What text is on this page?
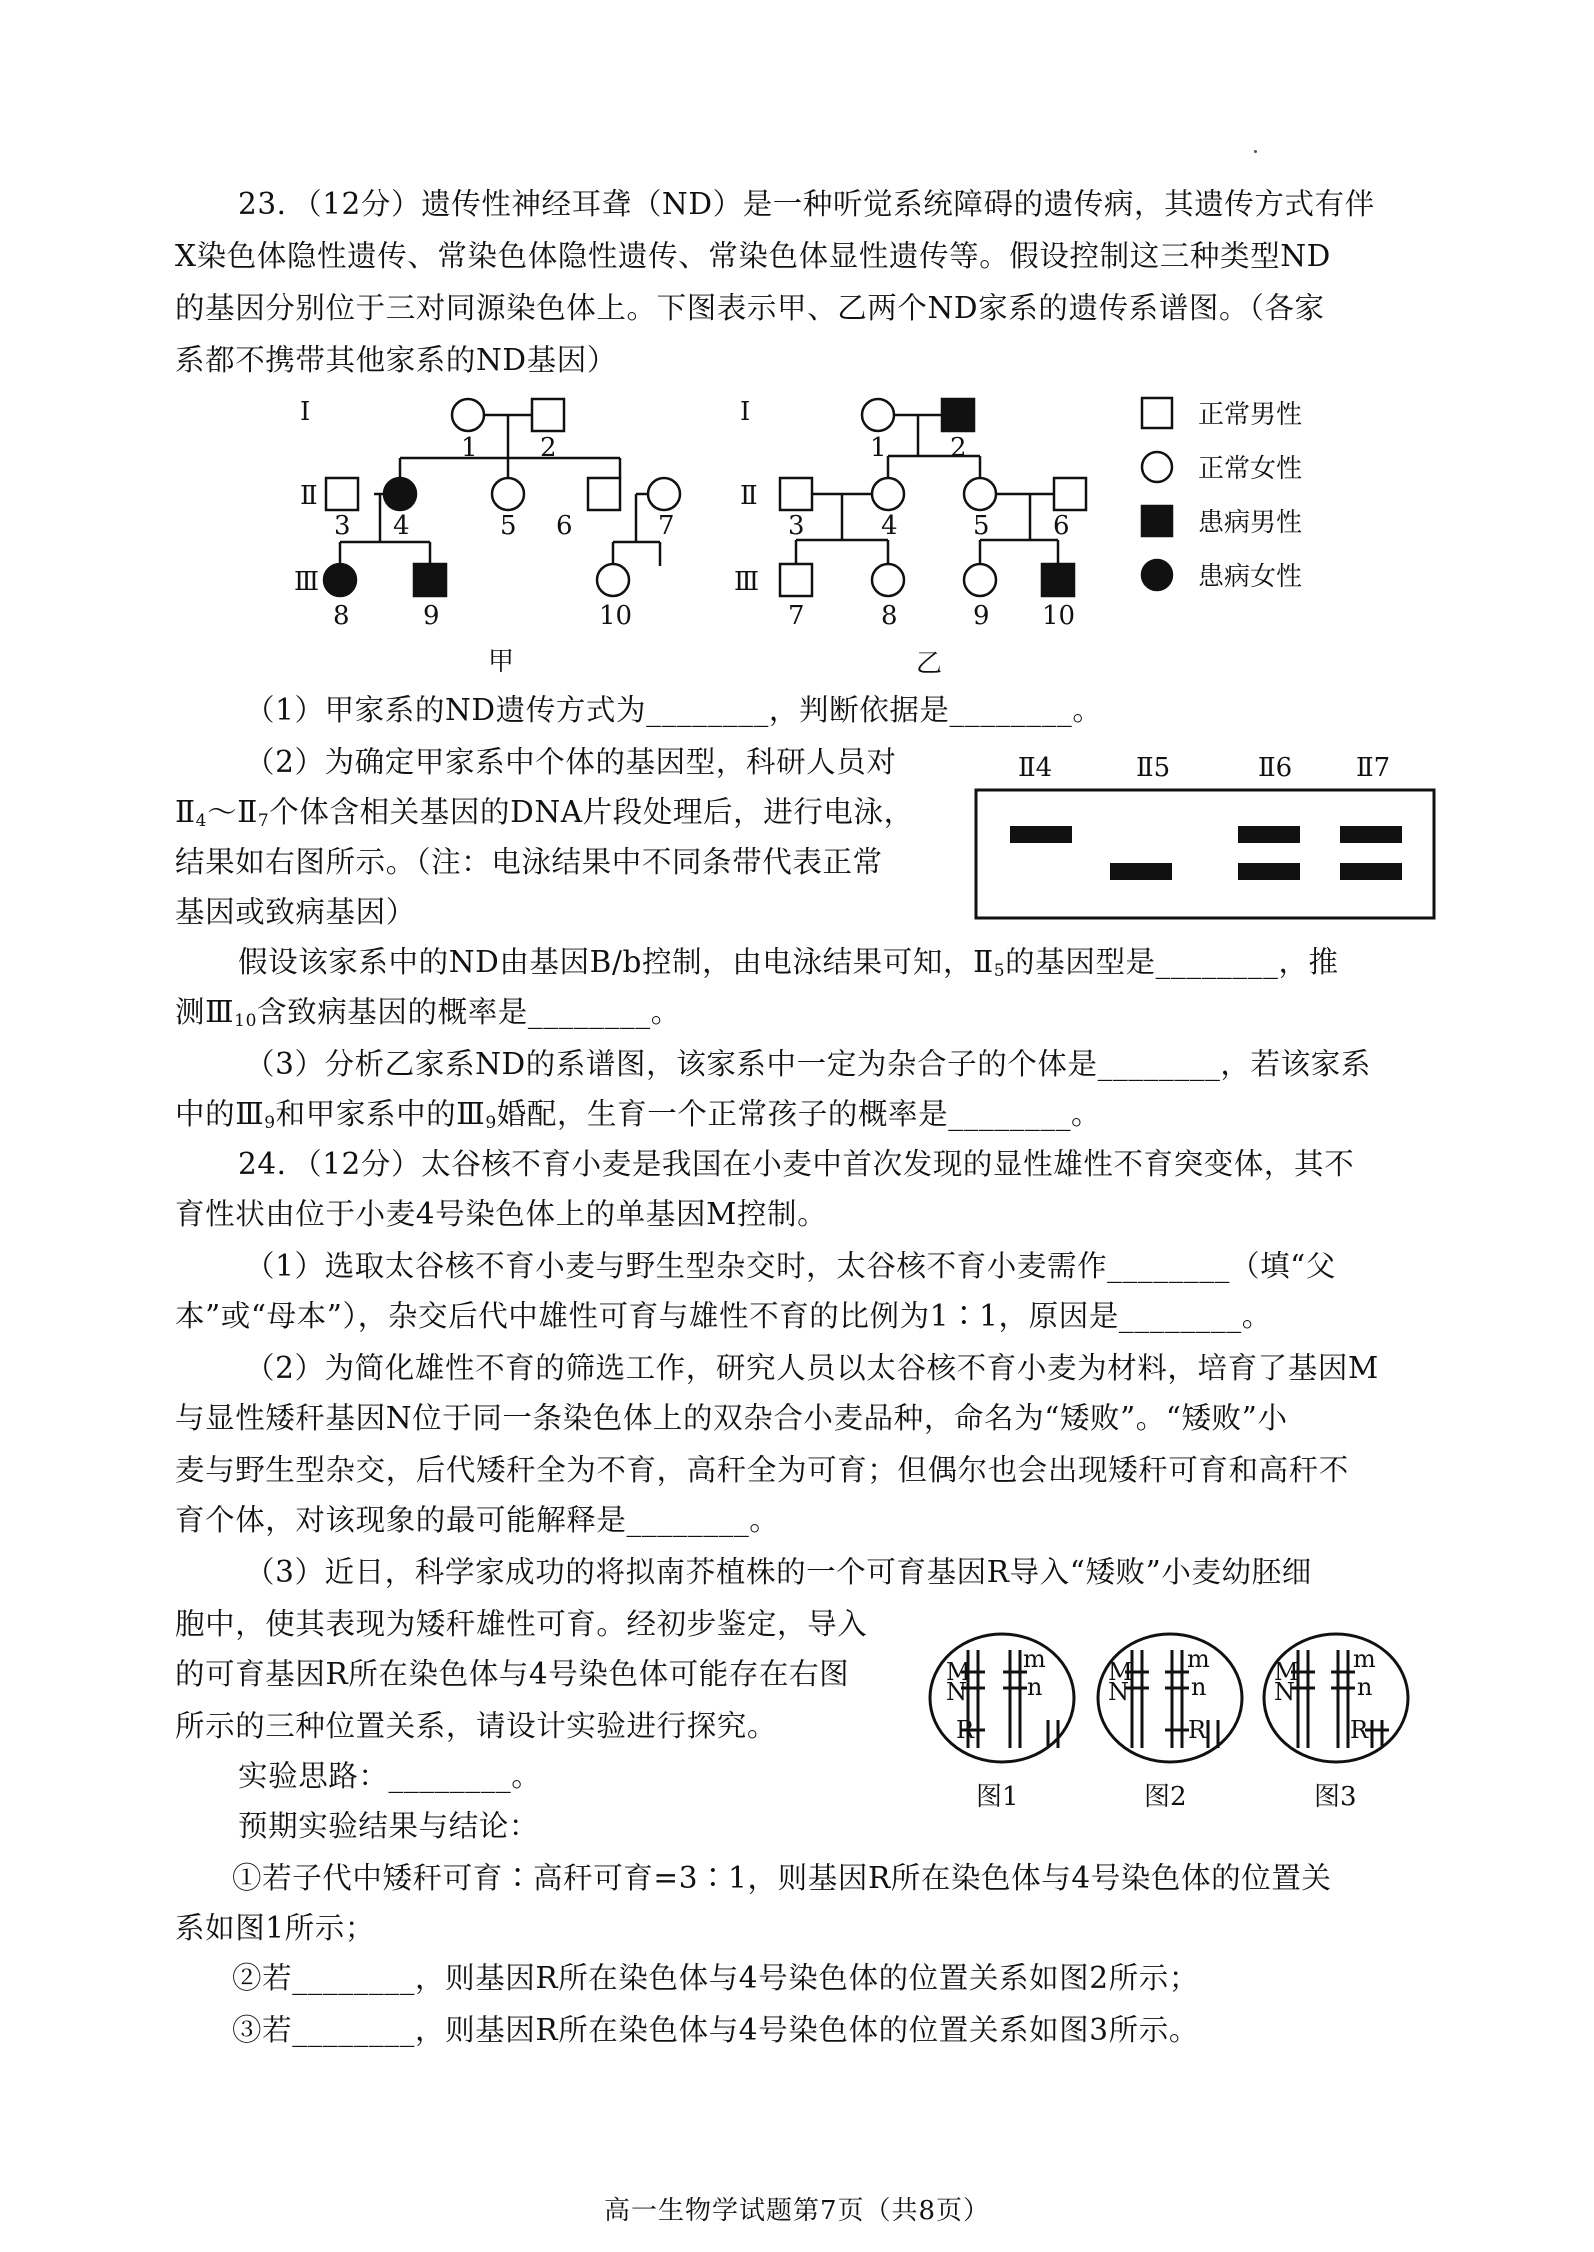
23．（12分）遗传性神经耳聋（ND）是一种听觉系统障碍的遗传病，其遗传方式有伴
X染色体隐性遗传、常染色体隐性遗传、常染色体显性遗传等。假设控制这三种类型ND
的基因分别位于三对同源染色体上。下图表示甲、乙两个ND家系的遗传系谱图。（各家
系都不携带其他家系的ND基因）
Ⅰ
Ⅱ
Ⅲ
1 2
3 4	5 6	7
8	9	10
甲
Ⅰ
Ⅱ
Ⅲ
1 2
3	4	5 6
7	8	9 10
乙
正常男性
正常女性
患病男性
患病女性
（1）甲家系的ND遗传方式为________，判断依据是________。
（2）为确定甲家系中个体的基因型，科研人员对
$Ⅱ_4\sim Ⅱ_7$个体含相关基因的DNA片段处理后，进行电泳，
结果如右图所示。（注：电泳结果中不同条带代表正常
基因或致病基因）
Ⅱ4	Ⅱ5	Ⅱ6 Ⅱ7
假设该家系中的ND由基因B/b控制，由电泳结果可知，$Ⅱ_5$的基因型是________，推
测$Ⅲ_{10}$含致病基因的概率是________。
（3）分析乙家系ND的系谱图，该家系中一定为杂合子的个体是________，若该家系
中的$Ⅲ_9$和甲家系中的$Ⅲ_9$婚配，生育一个正常孩子的概率是________。
24．（12分）太谷核不育小麦是我国在小麦中首次发现的显性雄性不育突变体，其不
育性状由位于小麦4号染色体上的单基因M控制。
（1）选取太谷核不育小麦与野生型杂交时，太谷核不育小麦需作________（填“父
本”或“母本”），杂交后代中雄性可育与雄性不育的比例为1∶1，原因是________。
（2）为简化雄性不育的筛选工作，研究人员以太谷核不育小麦为材料，培育了基因M
与显性矮秆基因N位于同一条染色体上的双杂合小麦品种，命名为“矮败”。“矮败”小
麦与野生型杂交，后代矮秆全为不育，高秆全为可育；但偶尔也会出现矮秆可育和高秆不
育个体，对该现象的最可能解释是________。
（3）近日，科学家成功的将拟南芥植株的一个可育基因R导入“矮败”小麦幼胚细
胞中，使其表现为矮秆雄性可育。经初步鉴定，导入
的可育基因R所在染色体与4号染色体可能存在右图
所示的三种位置关系，请设计实验进行探究。
实验思路：________。
预期实验结果与结论：
①若子代中矮秆可育∶高秆可育=3∶1，则基因R所在染色体与4号染色体的位置关
系如图1所示；
②若________，则基因R所在染色体与4号染色体的位置关系如图2所示；
③若________，则基因R所在染色体与4号染色体的位置关系如图3所示。
M
N
R
m
n
图1
M
N
m
n
R
图2
M
N
m
n
R
图3
高一生物学试题第7页（共8页）
